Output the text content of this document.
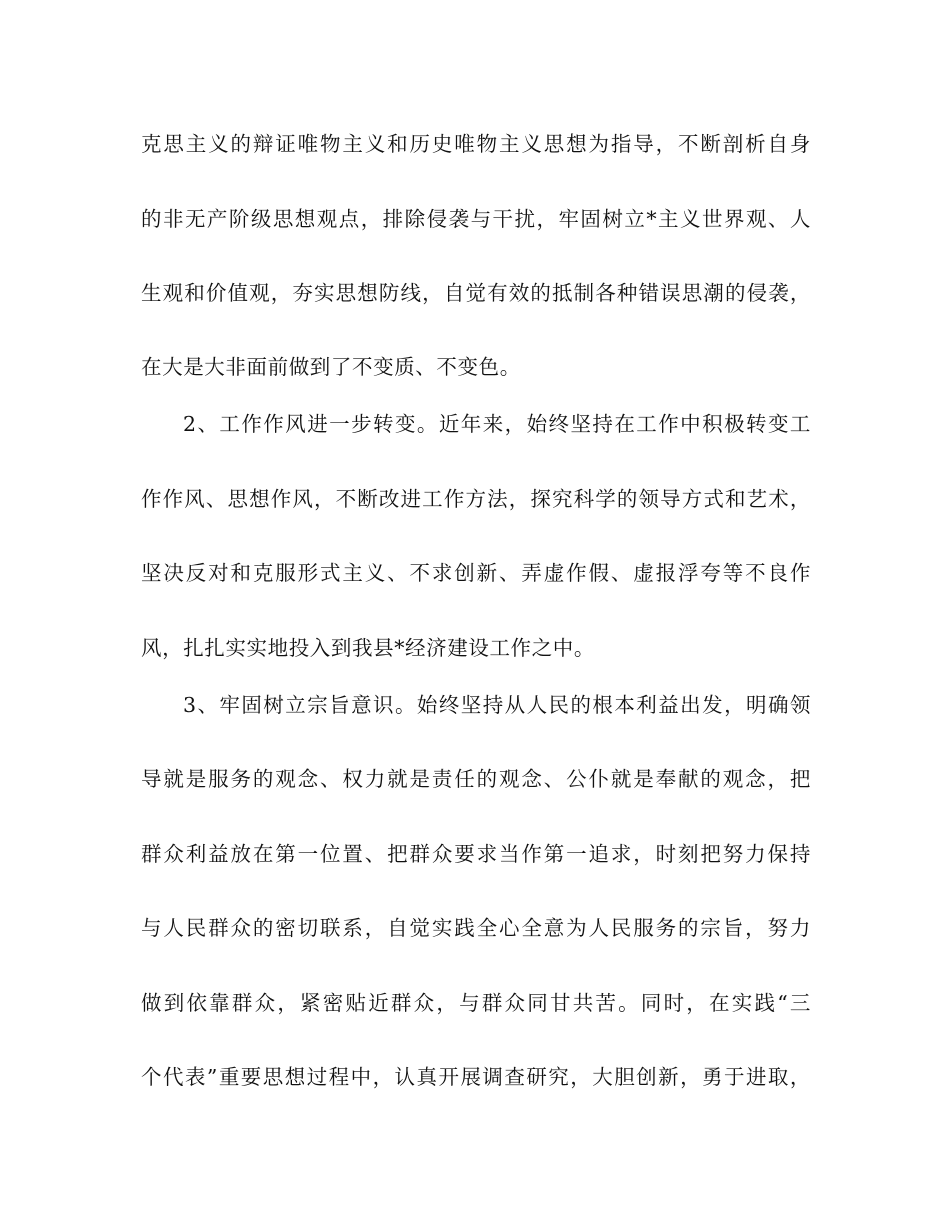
克思主义的辩证唯物主义和历史唯物主义思想为指导，不断剖析自身
的非无产阶级思想观点，排除侵袭与干扰，牢固树立*主义世界观、人
生观和价值观，夯实思想防线，自觉有效的抵制各种错误思潮的侵袭，
在大是大非面前做到了不变质、不变色。
2、工作作风进一步转变。近年来，始终坚持在工作中积极转变工
作作风、思想作风，不断改进工作方法，探究科学的领导方式和艺术，
坚决反对和克服形式主义、不求创新、弄虚作假、虚报浮夸等不良作
风，扎扎实实地投入到我县*经济建设工作之中。
3、牢固树立宗旨意识。始终坚持从人民的根本利益出发，明确领
导就是服务的观念、权力就是责任的观念、公仆就是奉献的观念，把
群众利益放在第一位置、把群众要求当作第一追求，时刻把努力保持
与人民群众的密切联系，自觉实践全心全意为人民服务的宗旨，努力
做到依靠群众，紧密贴近群众，与群众同甘共苦。同时，在实践“三
个代表”重要思想过程中，认真开展调查研究，大胆创新，勇于进取，
